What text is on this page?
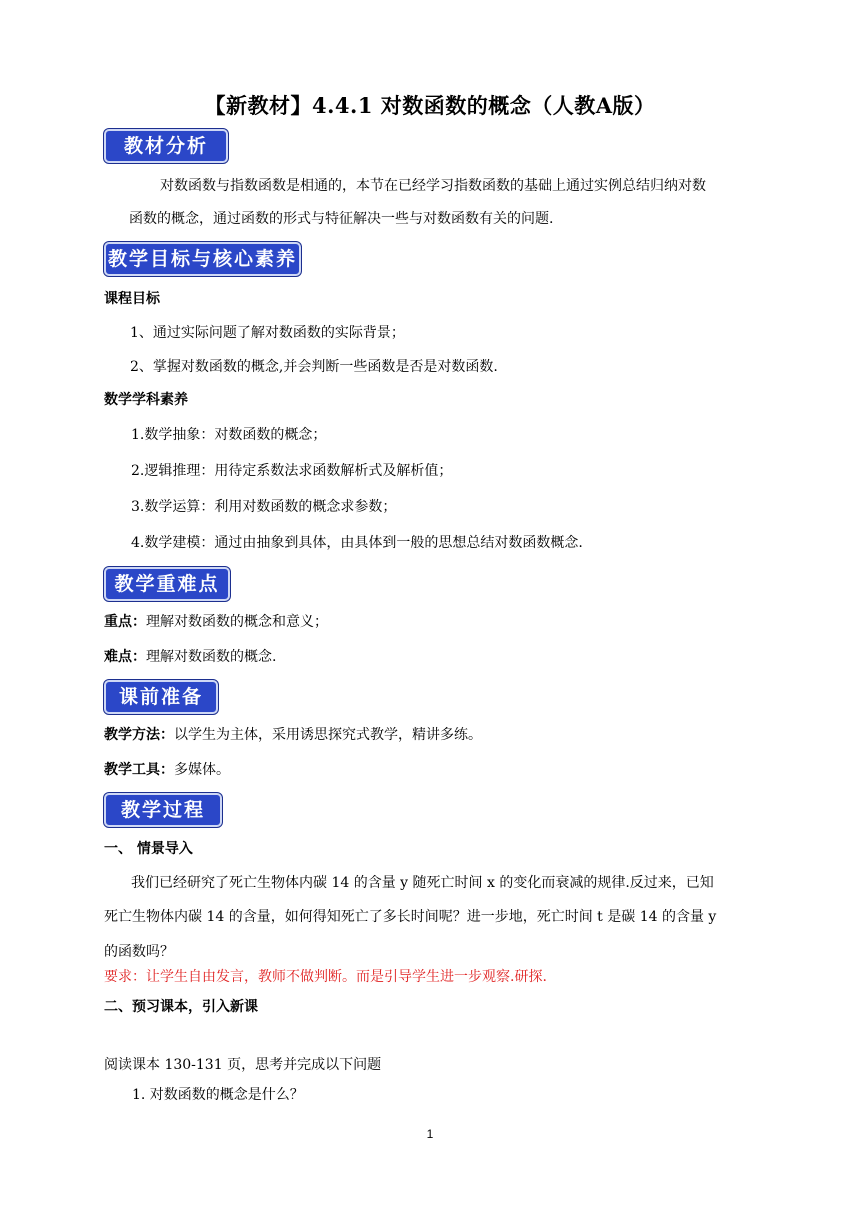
【新教材】4.4.1 对数函数的概念（人教A版）
教材分析
对数函数与指数函数是相通的，本节在已经学习指数函数的基础上通过实例总结归纳对数
函数的概念，通过函数的形式与特征解决一些与对数函数有关的问题.
教学目标与核心素养
课程目标
1、通过实际问题了解对数函数的实际背景；
2、掌握对数函数的概念,并会判断一些函数是否是对数函数.
数学学科素养
1.数学抽象：对数函数的概念；
2.逻辑推理：用待定系数法求函数解析式及解析值；
3.数学运算：利用对数函数的概念求参数；
4.数学建模：通过由抽象到具体，由具体到一般的思想总结对数函数概念.
教学重难点
重点：理解对数函数的概念和意义；
难点：理解对数函数的概念.
课前准备
教学方法：以学生为主体，采用诱思探究式教学，精讲多练。
教学工具：多媒体。
教学过程
一、 情景导入
我们已经研究了死亡生物体内碳 14 的含量 y 随死亡时间 x 的变化而衰减的规律.反过来，已知
死亡生物体内碳 14 的含量，如何得知死亡了多长时间呢？进一步地，死亡时间 t 是碳 14 的含量 y
的函数吗？
要求：让学生自由发言，教师不做判断。而是引导学生进一步观察.研探.
二、预习课本，引入新课
阅读课本 130-131 页，思考并完成以下问题
1. 对数函数的概念是什么？
1
